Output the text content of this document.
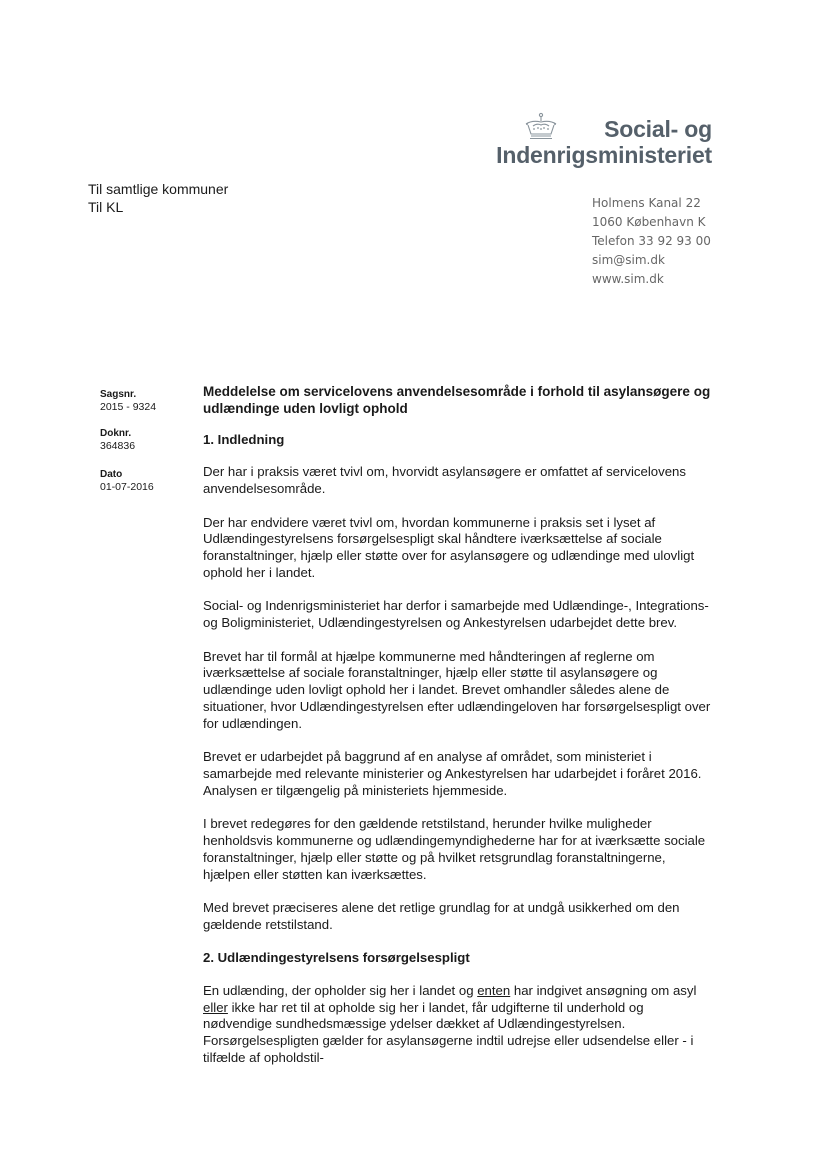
Social- og
Indenrigsministeriet
Til samtlige kommuner
Til KL	Holmens Kanal 22
1060 København K
Telefon 33 92 93 00
sim@sim.dk
www.sim.dk
Sagsnr.
2015 - 9324
Doknr.
364836
Dato
01-07-2016
Meddelelse om servicelovens anvendelsesområde i forhold til asylansøgere og udlændinge uden lovligt ophold
1. Indledning

Der har i praksis været tvivl om, hvorvidt asylansøgere er omfattet af servicelovens anvendelsesområde.

Der har endvidere været tvivl om, hvordan kommunerne i praksis set i lyset af Udlændingestyrelsens forsørgelsespligt skal håndtere iværksættelse af sociale foranstaltninger, hjælp eller støtte over for asylansøgere og udlændinge med ulovligt ophold her i landet.

Social- og Indenrigsministeriet har derfor i samarbejde med Udlændinge-, Integrations- og Boligministeriet, Udlændingestyrelsen og Ankestyrelsen udarbejdet dette brev.

Brevet har til formål at hjælpe kommunerne med håndteringen af reglerne om iværksættelse af sociale foranstaltninger, hjælp eller støtte til asylansøgere og udlændinge uden lovligt ophold her i landet. Brevet omhandler således alene de situationer, hvor Udlændingestyrelsen efter udlændingeloven har forsørgelsespligt over for udlændingen.

Brevet er udarbejdet på baggrund af en analyse af området, som ministeriet i samarbejde med relevante ministerier og Ankestyrelsen har udarbejdet i foråret 2016. Analysen er tilgængelig på ministeriets hjemmeside.

I brevet redegøres for den gældende retstilstand, herunder hvilke muligheder henholdsvis kommunerne og udlændingemyndighederne har for at iværksætte sociale foranstaltninger, hjælp eller støtte og på hvilket retsgrundlag foranstaltningerne, hjælpen eller støtten kan iværksættes.

Med brevet præciseres alene det retlige grundlag for at undgå usikkerhed om den gældende retstilstand.

2. Udlændingestyrelsens forsørgelsespligt

En udlænding, der opholder sig her i landet og enten har indgivet ansøgning om asyl eller ikke har ret til at opholde sig her i landet, får udgifterne til underhold og nødvendige sundhedsmæssige ydelser dækket af Udlændingestyrelsen. Forsørgelsespligten gælder for asylansøgerne indtil udrejse eller udsendelse eller - i tilfælde af opholdstil-
